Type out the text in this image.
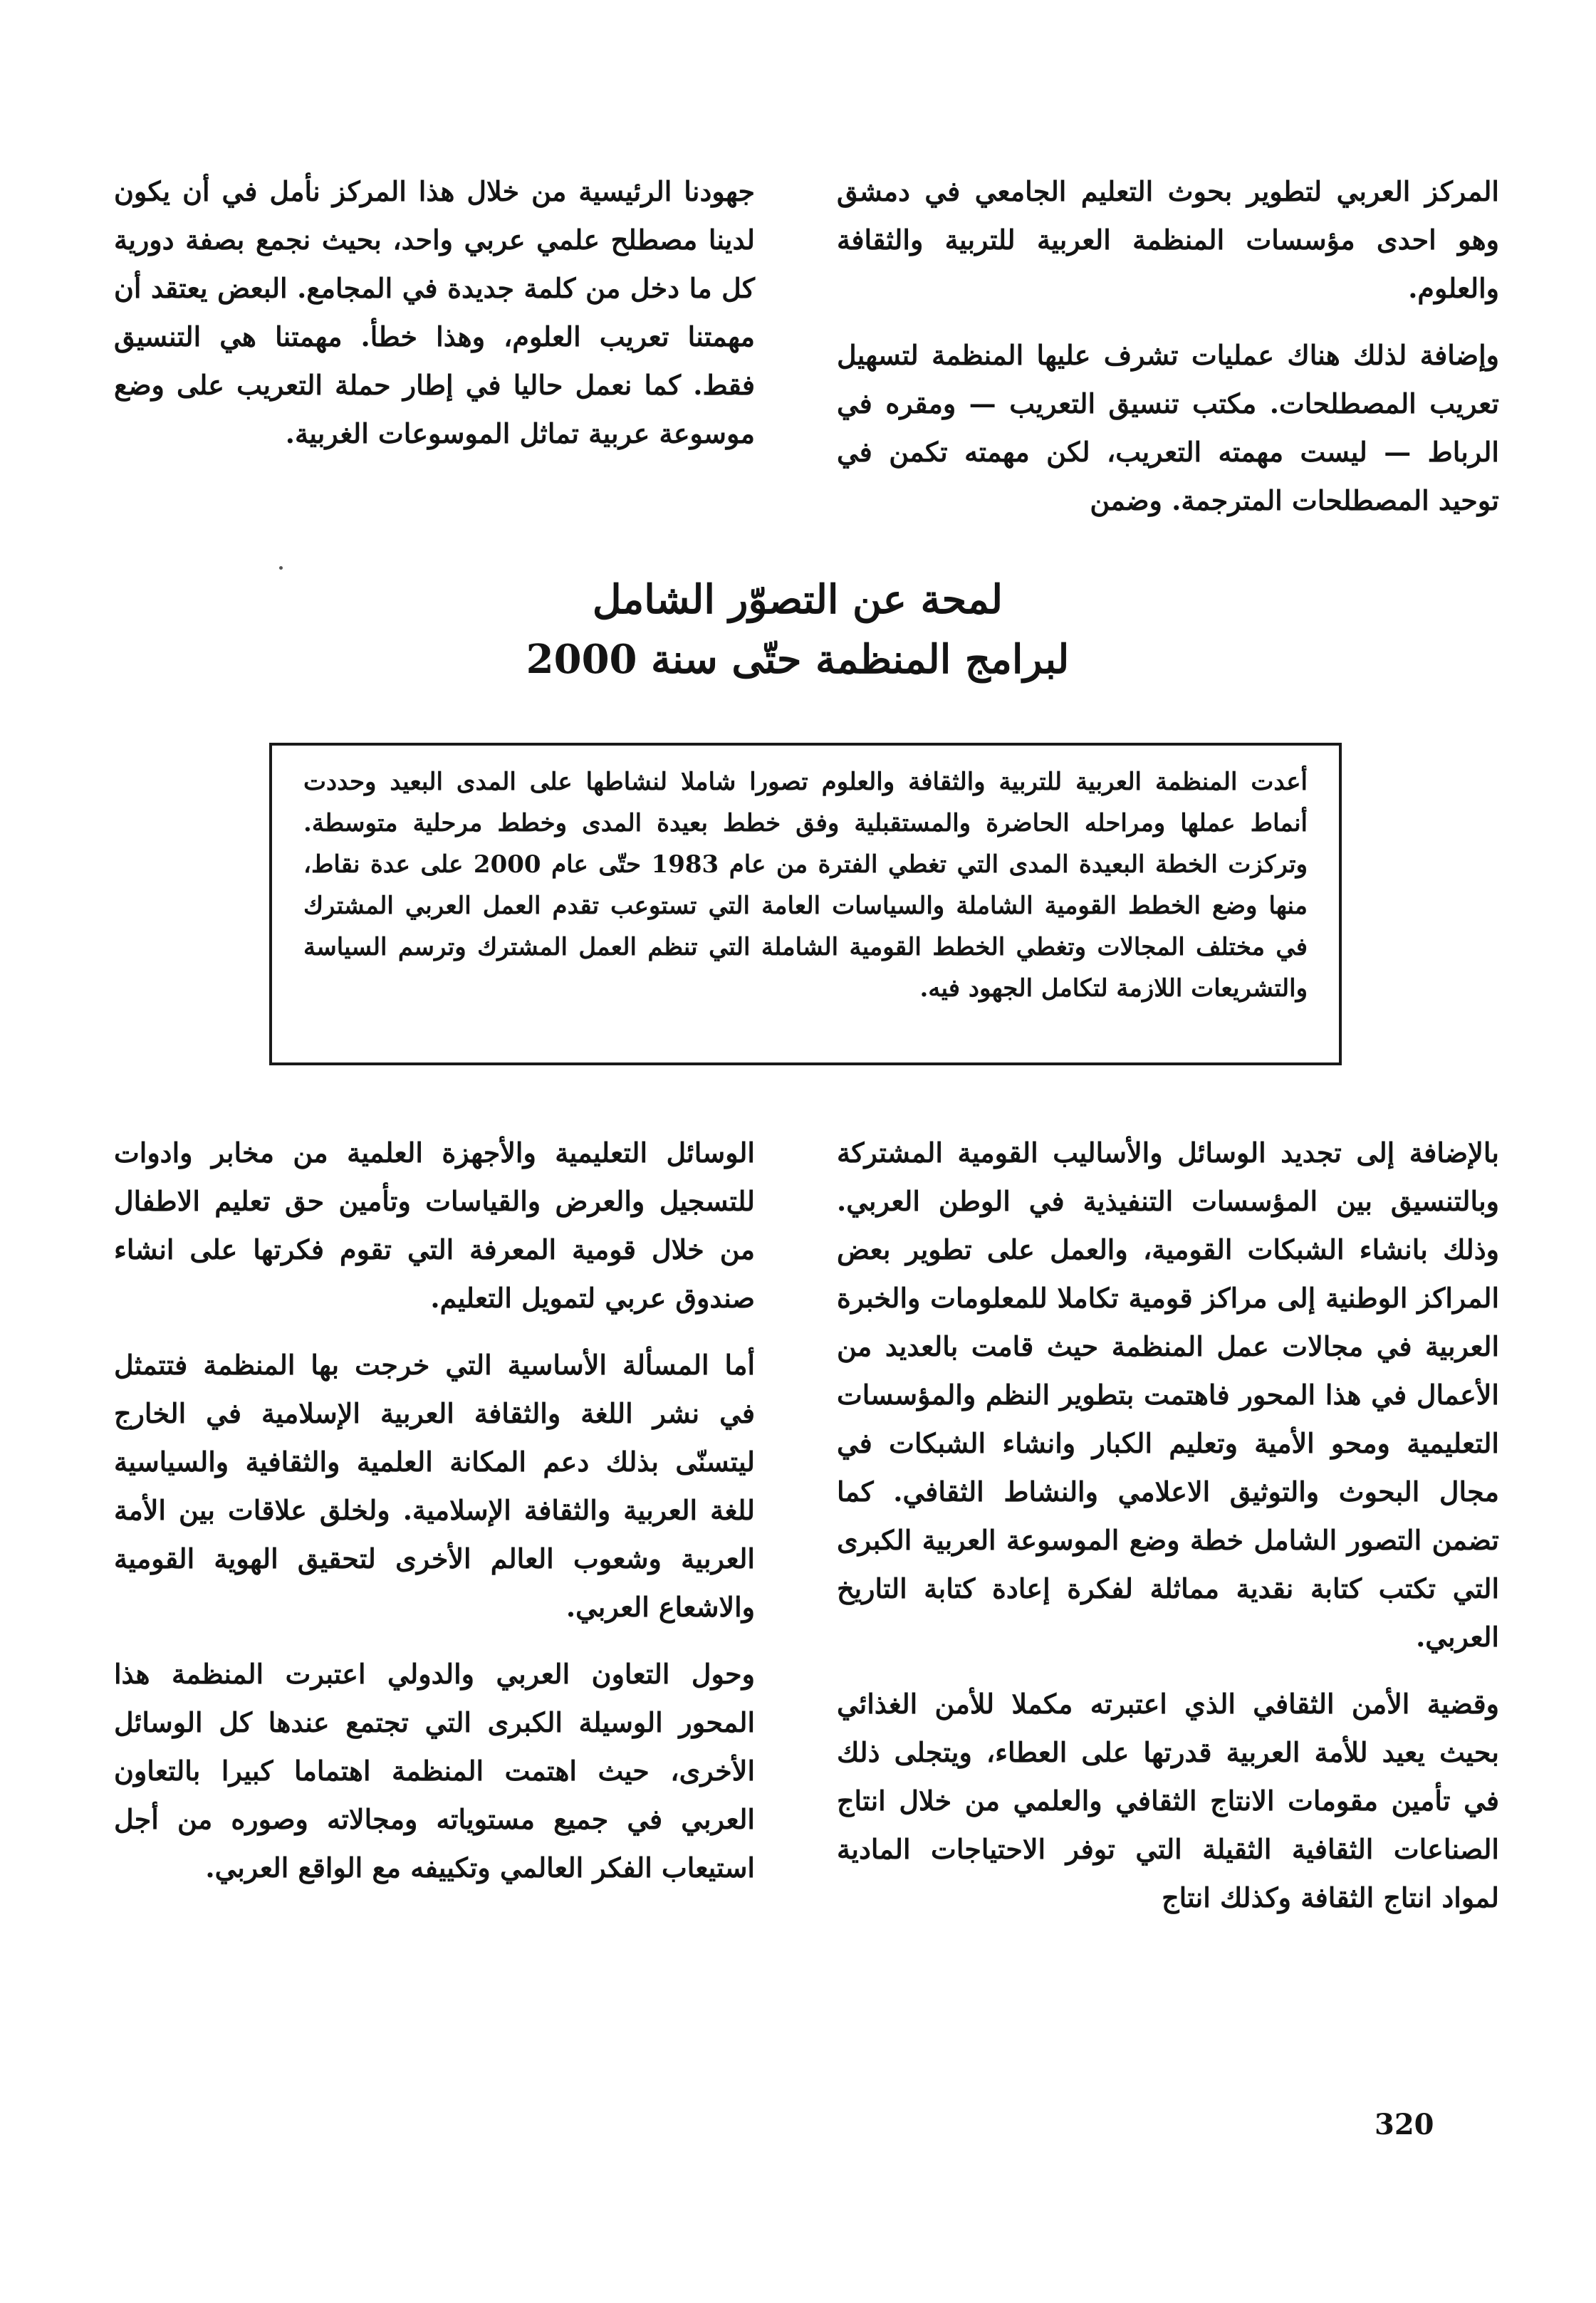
المركز العربي لتطوير بحوث التعليم الجامعي في دمشق وهو احدى مؤسسات المنظمة العربية للتربية والثقافة والعلوم.

وإضافة لذلك هناك عمليات تشرف عليها المنظمة لتسهيل تعريب المصطلحات. مكتب تنسيق التعريب — ومقره في الرباط — ليست مهمته التعريب، لكن مهمته تكمن في توحيد المصطلحات المترجمة. وضمن

جهودنا الرئيسية من خلال هذا المركز نأمل في أن يكون لدينا مصطلح علمي عربي واحد، بحيث نجمع بصفة دورية كل ما دخل من كلمة جديدة في المجامع. البعض يعتقد أن مهمتنا تعريب العلوم، وهذا خطأ. مهمتنا هي التنسيق فقط. كما نعمل حاليا في إطار حملة التعريب على وضع موسوعة عربية تماثل الموسوعات الغربية.

لمحة عن التصوّر الشامل
لبرامج المنظمة حتّى سنة 2000
أعدت المنظمة العربية للتربية والثقافة والعلوم تصورا شاملا لنشاطها على المدى البعيد وحددت أنماط عملها ومراحله الحاضرة والمستقبلية وفق خطط بعيدة المدى وخطط مرحلية متوسطة. وتركزت الخطة البعيدة المدى التي تغطي الفترة من عام 1983 حتّى عام 2000 على عدة نقاط، منها وضع الخطط القومية الشاملة والسياسات العامة التي تستوعب تقدم العمل العربي المشترك في مختلف المجالات وتغطي الخطط القومية الشاملة التي تنظم العمل المشترك وترسم السياسة والتشريعات اللازمة لتكامل الجهود فيه.

بالإضافة إلى تجديد الوسائل والأساليب القومية المشتركة وبالتنسيق بين المؤسسات التنفيذية في الوطن العربي. وذلك بانشاء الشبكات القومية، والعمل على تطوير بعض المراكز الوطنية إلى مراكز قومية تكاملا للمعلومات والخبرة العربية في مجالات عمل المنظمة حيث قامت بالعديد من الأعمال في هذا المحور فاهتمت بتطوير النظم والمؤسسات التعليمية ومحو الأمية وتعليم الكبار وانشاء الشبكات في مجال البحوث والتوثيق الاعلامي والنشاط الثقافي. كما تضمن التصور الشامل خطة وضع الموسوعة العربية الكبرى التي تكتب كتابة نقدية مماثلة لفكرة إعادة كتابة التاريخ العربي.

وقضية الأمن الثقافي الذي اعتبرته مكملا للأمن الغذائي بحيث يعيد للأمة العربية قدرتها على العطاء، ويتجلى ذلك في تأمين مقومات الانتاج الثقافي والعلمي من خلال انتاج الصناعات الثقافية الثقيلة التي توفر الاحتياجات المادية لمواد انتاج الثقافة وكذلك انتاج

الوسائل التعليمية والأجهزة العلمية من مخابر وادوات للتسجيل والعرض والقياسات وتأمين حق تعليم الاطفال من خلال قومية المعرفة التي تقوم فكرتها على انشاء صندوق عربي لتمويل التعليم.

أما المسألة الأساسية التي خرجت بها المنظمة فتتمثل في نشر اللغة والثقافة العربية الإسلامية في الخارج ليتسنّى بذلك دعم المكانة العلمية والثقافية والسياسية للغة العربية والثقافة الإسلامية. ولخلق علاقات بين الأمة العربية وشعوب العالم الأخرى لتحقيق الهوية القومية والاشعاع العربي.

وحول التعاون العربي والدولي اعتبرت المنظمة هذا المحور الوسيلة الكبرى التي تجتمع عندها كل الوسائل الأخرى، حيث اهتمت المنظمة اهتماما كبيرا بالتعاون العربي في جميع مستوياته ومجالاته وصوره من أجل استيعاب الفكر العالمي وتكييفه مع الواقع العربي.

320
